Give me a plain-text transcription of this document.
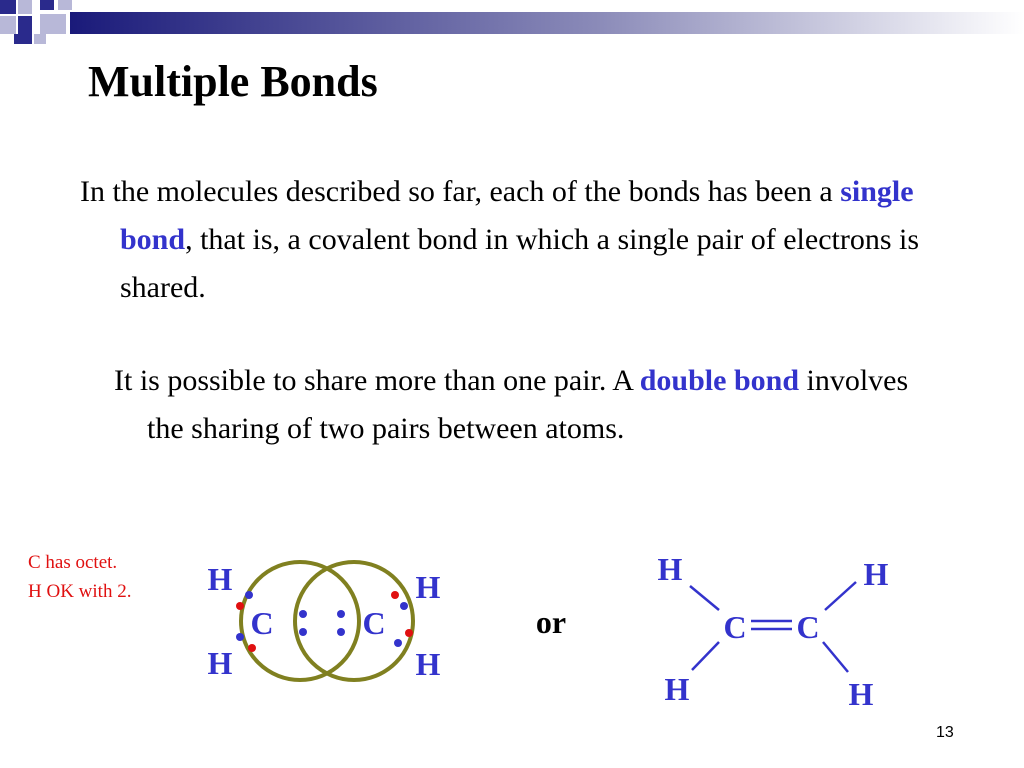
Multiple Bonds

In the molecules described so far, each of the bonds has been a single bond, that is, a covalent bond in which a single pair of electrons is shared.

It is possible to share more than one pair. A double bond involves the sharing of two pairs between atoms.

C has octet.
H OK with 2.
C	C
H
H
H
H
or	C C
H
H
H
H
13
